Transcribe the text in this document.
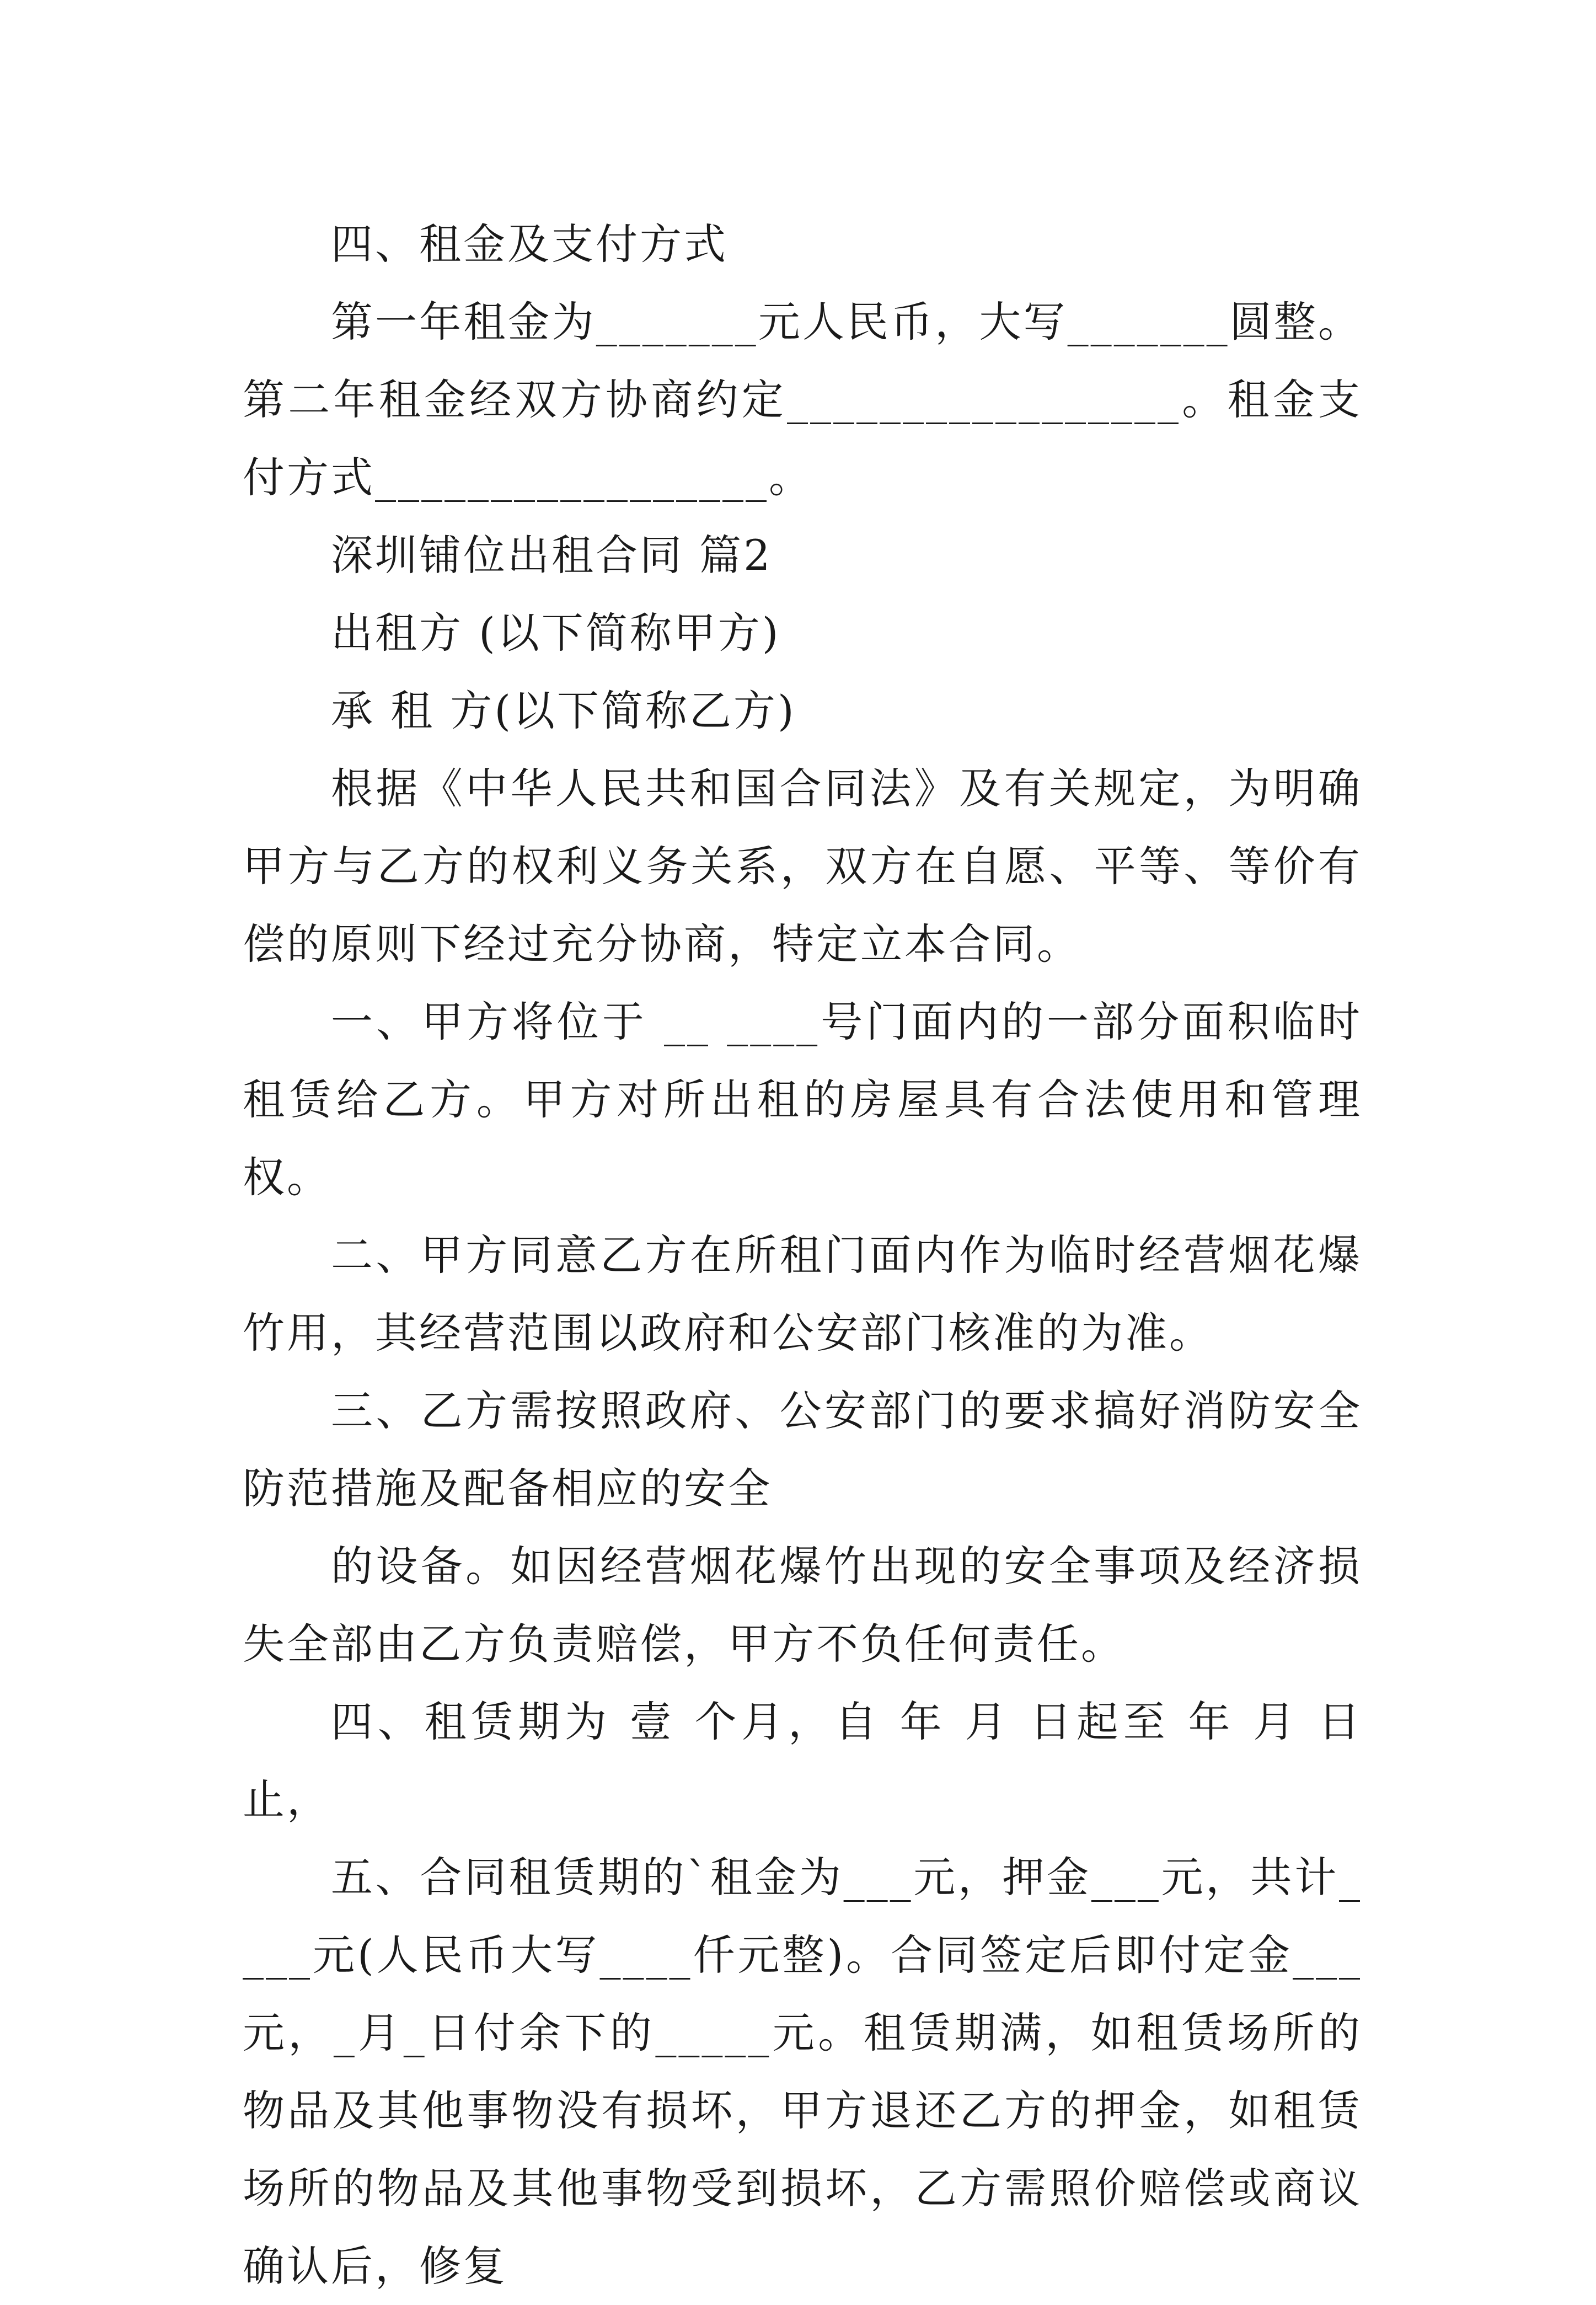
四、租金及支付方式

第一年租金为_______元人民币，大写_______圆整。第二年租金经双方协商约定_________________。租金支付方式_________________。

深圳铺位出租合同 篇2

出租方 (以下简称甲方)

承 租 方(以下简称乙方)

根据《中华人民共和国合同法》及有关规定，为明确甲方与乙方的权利义务关系，双方在自愿、平等、等价有偿的原则下经过充分协商，特定立本合同。

一、甲方将位于 __ ____号门面内的一部分面积临时租赁给乙方。甲方对所出租的房屋具有合法使用和管理权。

二、甲方同意乙方在所租门面内作为临时经营烟花爆竹用，其经营范围以政府和公安部门核准的为准。

三、乙方需按照政府、公安部门的要求搞好消防安全防范措施及配备相应的安全

的设备。如因经营烟花爆竹出现的安全事项及经济损失全部由乙方负责赔偿，甲方不负任何责任。

四、租赁期为 壹 个月，自 年 月 日起至 年 月 日止，

五、合同租赁期的`租金为___元，押金___元，共计____元(人民币大写____仟元整)。合同签定后即付定金___元，_月_日付余下的_____元。租赁期满，如租赁场所的物品及其他事物没有损坏，甲方退还乙方的押金，如租赁场所的物品及其他事物受到损坏，乙方需照价赔偿或商议确认后，修复
